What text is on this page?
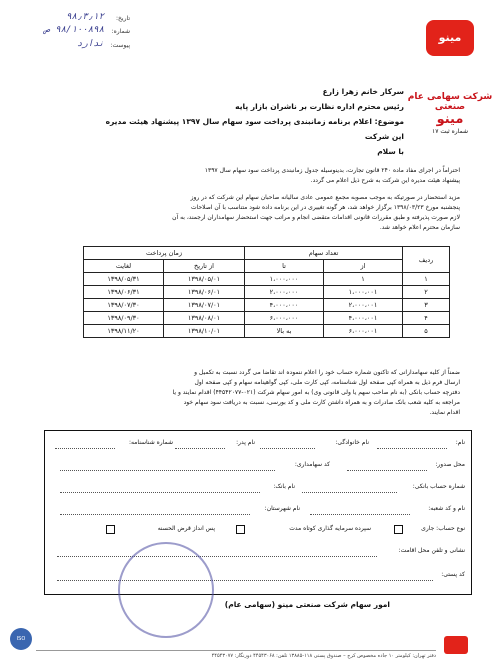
تاریخ:
۹۸٫۳٫۱۲
شماره:
۹۸/۱۰۰۸۹۸ ص
پیوست:
ندارد	مینو
شرکت سهامی عام صنعتی
مینو
شماره ثبت ۱۷
سرکار خانم زهرا زارع
رئیس محترم اداره نظارت بر ناشران بازار پایه
موضوع: اعلام برنامه زمانبندی پرداخت سود سهام سال ۱۳۹۷ پیشنهاد هیئت مدیره این شرکت
با سلام
احتراماً در اجرای مفاد ماده ۲۴۰ قانون تجارت، بدینوسیله جدول زمانبندی پرداخت سود سهام سال ۱۳۹۷
پیشنهاد هیئت مدیره این شرکت به شرح ذیل اعلام می گردد.
مزید استحضار در صورتیکه به موجب مصوبه مجمع عمومی عادی سالیانه صاحبان سهام این شرکت که در روز
پنجشنبه مورخ ۱۳۹۸/۰۳/۲۳ برگزار خواهد شد، هر گونه تغییری در این برنامه داده شود متناسب با آن اصلاحات
لازم صورت پذیرفته و طبق مقررات قانونی اقدامات متقضی انجام و مراتب جهت استحضار سهامداران ارجمند، به آن
سازمان محترم اعلام خواهد شد.
ردیف	تعداد سهام		زمان پرداخت	
	از	تا	از تاریخ	لغایت
۱	۱	۱،۰۰۰،۰۰۰	۱۳۹۸/۰۵/۰۱	۱۳۹۸/۰۵/۳۱
۲	۱،۰۰۰،۰۰۱	۲،۰۰۰،۰۰۰	۱۳۹۸/۰۶/۰۱	۱۳۹۸/۰۶/۳۱
۳	۲،۰۰۰،۰۰۱	۴،۰۰۰،۰۰۰	۱۳۹۸/۰۷/۰۱	۱۳۹۸/۰۷/۳۰
۴	۴،۰۰۰،۰۰۱	۶،۰۰۰،۰۰۰	۱۳۹۸/۰۸/۰۱	۱۳۹۸/۰۹/۳۰
۵	۶،۰۰۰،۰۰۱	به بالا	۱۳۹۸/۱۰/۰۱	۱۳۹۸/۱۱/۲۰
ضمناً از کلیه سهامدارانی که تاکنون شماره حساب خود را اعلام ننموده اند تقاضا می گردد نسبت به تکمیل و
ارسال فرم ذیل به همراه کپی صفحه اول شناسنامه، کپی کارت ملی، کپی گواهینامه سهام و کپی صفحه اول
دفترچه حساب بانکی (به نام صاحب سهم یا ولی قانونی وی) به امور سهام شرکت (۰۲۱-۴۴۵۴۲۰۷۷) اقدام نمایند و یا
مراجعه به کلیه شعب بانک صادرات و به همراه داشتن کارت ملی و کد بورسی، نسبت به دریافت سود سهام خود
اقدام نمایند.
نام:
نام خانوادگی:
نام پدر:
شماره شناسنامه:
محل صدور:
کد سهامداری:
شماره حساب بانکی:
نام بانک:
نام و کد شعبه:
نام شهرستان:
نوع حساب: جاری
سپرده سرمایه گذاری کوتاه مدت
پس انداز قرض الحسنه
نشانی و تلفن محل اقامت:
کد پستی:
امور سهام شرکت صنعتی مینو (سهامی عام)
ISO
دفتر تهران: کیلومتر ۱۰ جاده مخصوص کرج – صندوق پستی ۱۱۸-۱۳۸۸۵ تلفن: ۴۴۵۴۳۰۶۸ دورنگار: ۴۴۵۴۳۰۷۷
